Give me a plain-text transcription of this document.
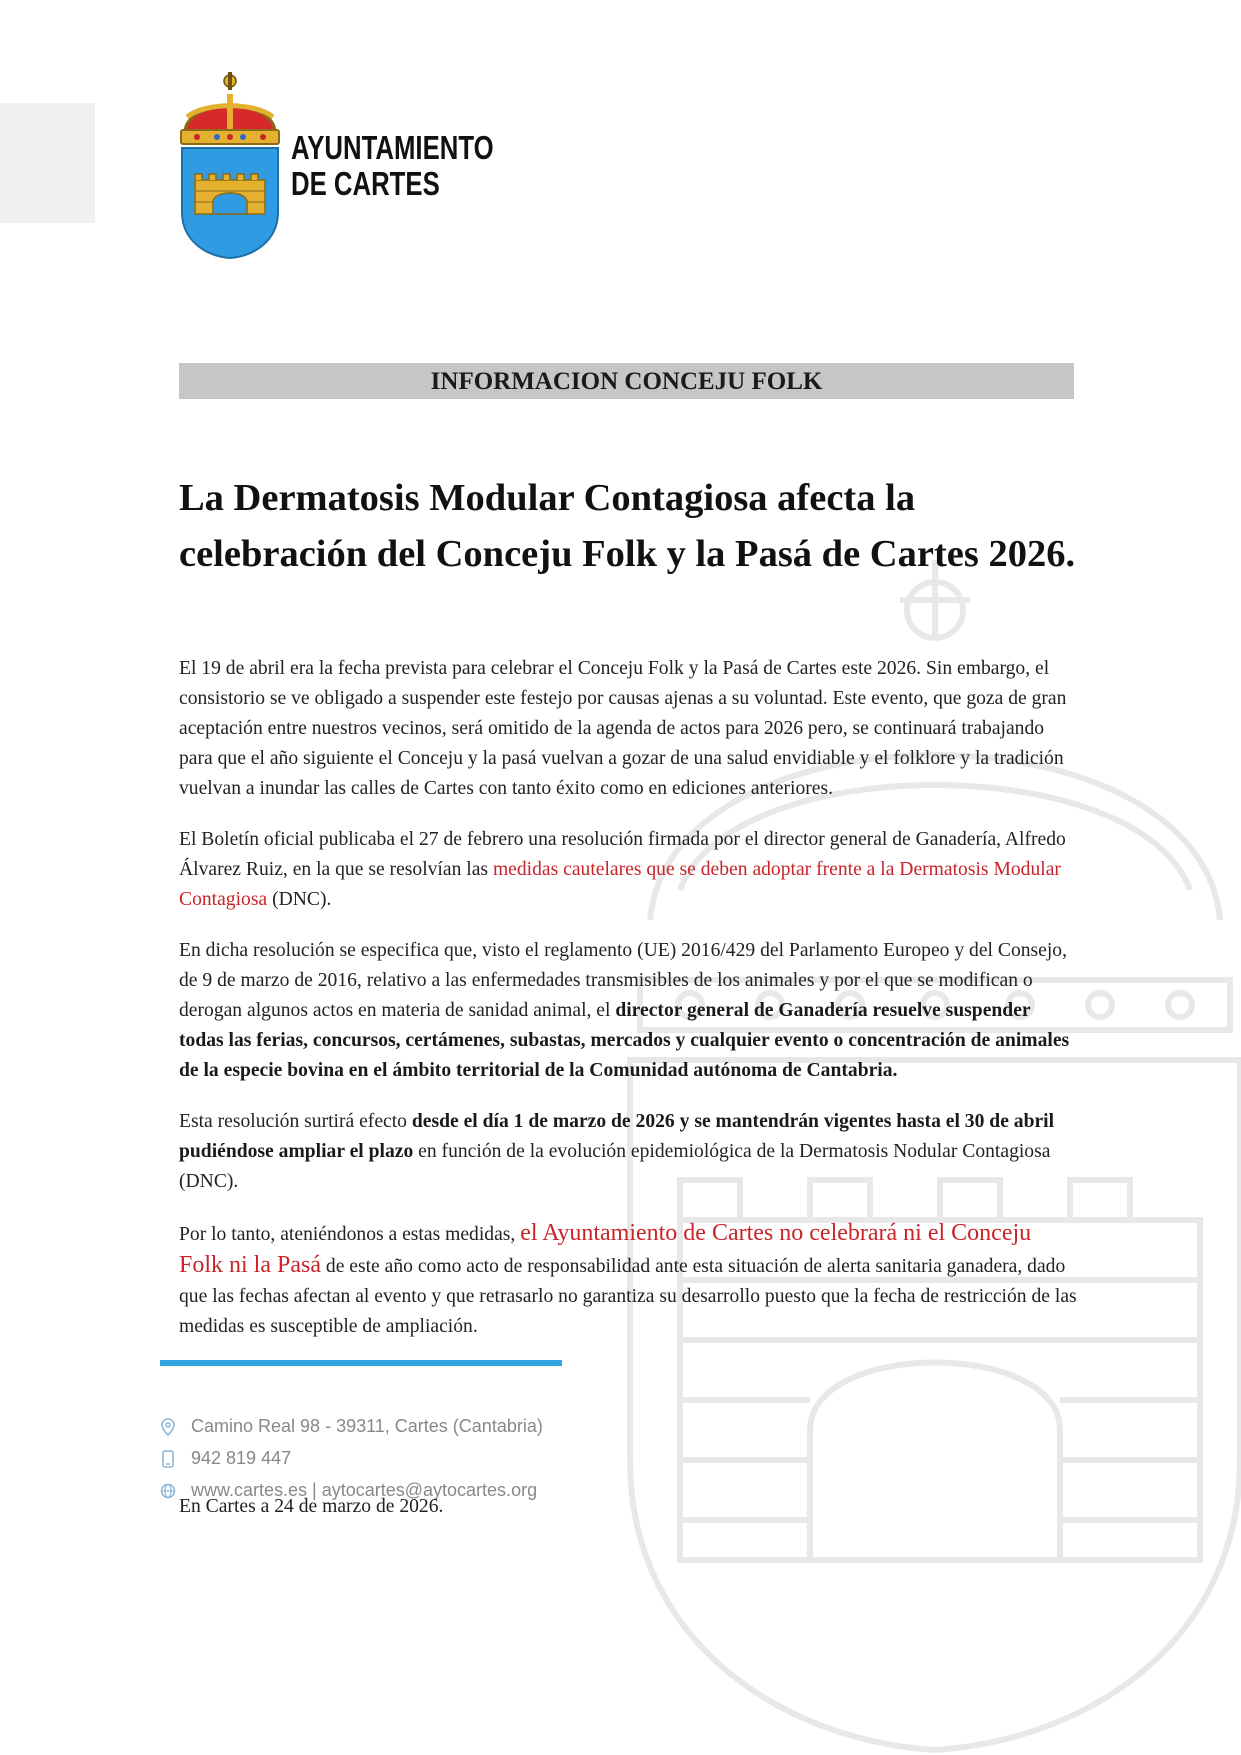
AYUNTAMIENTO
DE CARTES
INFORMACION CONCEJU FOLK
La Dermatosis Modular Contagiosa afecta la celebración del Conceju Folk y la Pasá de Cartes 2026.

El 19 de abril era la fecha prevista para celebrar el Conceju Folk y la Pasá de Cartes este 2026. Sin embargo, el consistorio se ve obligado a suspender este festejo por causas ajenas a su voluntad. Este evento, que goza de gran aceptación entre nuestros vecinos, será omitido de la agenda de actos para 2026 pero, se continuará trabajando para que el año siguiente el Conceju y la pasá vuelvan a gozar de una salud envidiable y el folklore y la tradición vuelvan a inundar las calles de Cartes con tanto éxito como en ediciones anteriores.

El Boletín oficial publicaba el 27 de febrero una resolución firmada por el director general de Ganadería, Alfredo Álvarez Ruiz, en la que se resolvían las medidas cautelares que se deben adoptar frente a la Dermatosis Modular Contagiosa (DNC).

En dicha resolución se especifica que, visto el reglamento (UE) 2016/429 del Parlamento Europeo y del Consejo, de 9 de marzo de 2016, relativo a las enfermedades transmisibles de los animales y por el que se modifican o derogan algunos actos en materia de sanidad animal, el director general de Ganadería resuelve suspender todas las ferias, concursos, certámenes, subastas, mercados y cualquier evento o concentración de animales de la especie bovina en el ámbito territorial de la Comunidad autónoma de Cantabria.

Esta resolución surtirá efecto desde el día 1 de marzo de 2026 y se mantendrán vigentes hasta el 30 de abril pudiéndose ampliar el plazo en función de la evolución epidemiológica de la Dermatosis Nodular Contagiosa (DNC).

Por lo tanto, ateniéndonos a estas medidas, el Ayuntamiento de Cartes no celebrará ni el Conceju Folk ni la Pasá de este año como acto de responsabilidad ante esta situación de alerta sanitaria ganadera, dado que las fechas afectan al evento y que retrasarlo no garantiza su desarrollo puesto que la fecha de restricción de las medidas es susceptible de ampliación.

Camino Real 98 - 39311, Cartes (Cantabria)
942 819 447
www.cartes.es | aytocartes@aytocartes.org
En Cartes a 24 de marzo de 2026.
